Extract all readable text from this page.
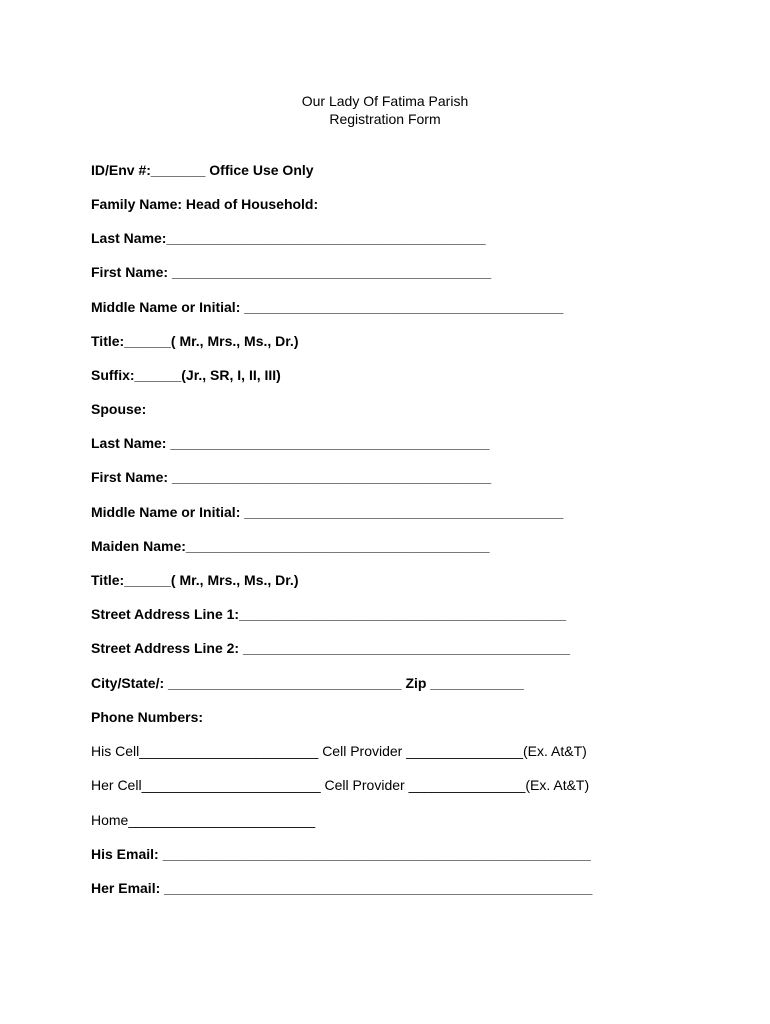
Our Lady Of Fatima Parish
Registration Form
ID/Env #:_______ Office Use Only
Family Name: Head of Household:
Last Name:_________________________________________
First Name: _________________________________________
Middle Name or Initial: _________________________________________
Title:______( Mr., Mrs., Ms., Dr.)
Suffix:______(Jr., SR, I, II, III)
Spouse:
Last Name: _________________________________________
First Name: _________________________________________
Middle Name or Initial: _________________________________________
Maiden Name:_______________________________________
Title:______( Mr., Mrs., Ms., Dr.)
Street Address Line 1:__________________________________________
Street Address Line 2: __________________________________________
City/State/: ______________________________ Zip ____________
Phone Numbers:
His Cell_______________________ Cell Provider _______________(Ex. At&T)
Her Cell_______________________ Cell Provider _______________(Ex. At&T)
Home________________________
His Email: _______________________________________________________
Her Email: _______________________________________________________
